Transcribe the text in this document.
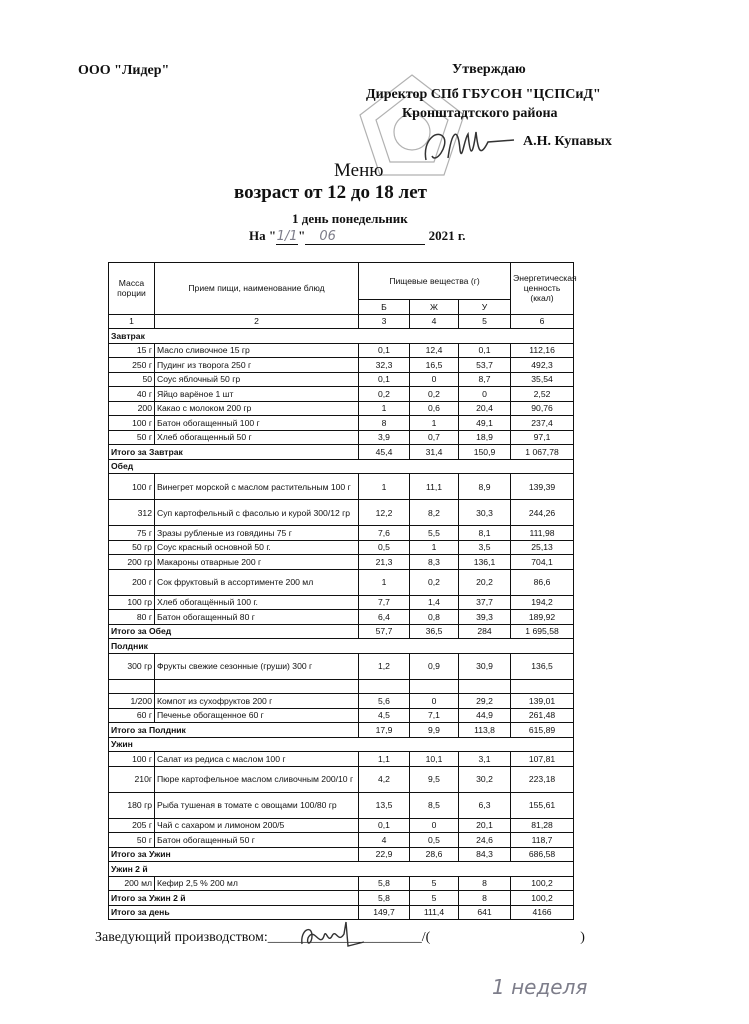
ООО "Лидер"	Утверждаю
Директор СПб ГБУСОН "ЦСПСиД"
Кронштадтского района
А.Н. Купавых
Меню
возраст от 12 до 18 лет
1 день понедельник
На "1/1" 06	2021 г.
Масса порции	Прием пищи, наименование блюд	Пищевые вещества (г)			Энергетическая ценность (ккал)
		Б	Ж	У	
1	2	3	4	5	6
Завтрак					
15 г	Масло сливочное 15 гр	0,1	12,4	0,1	112,16
250 г	Пудинг из творога 250 г	32,3	16,5	53,7	492,3
50	Соус яблочный 50 гр	0,1	0	8,7	35,54
40 г	Яйцо варёное 1 шт	0,2	0,2	0	2,52
200	Какао с молоком 200 гр	1	0,6	20,4	90,76
100 г	Батон обогащенный 100 г	8	1	49,1	237,4
50 г	Хлеб обогащенный 50 г	3,9	0,7	18,9	97,1
Итого за Завтрак		45,4	31,4	150,9	1 067,78
Обед					
100 г	Винегрет морской с маслом растительным 100 г	1	11,1	8,9	139,39
312	Суп картофельный с фасолью и курой 300/12 гр	12,2	8,2	30,3	244,26
75 г	Зразы рубленые из говядины 75 г	7,6	5,5	8,1	111,98
50 гр	Соус красный основной 50 г.	0,5	1	3,5	25,13
200 гр	Макароны отварные 200 г	21,3	8,3	136,1	704,1
200 г	Сок фруктовый в ассортименте 200 мл	1	0,2	20,2	86,6
100 гр	Хлеб обогащённый 100 г.	7,7	1,4	37,7	194,2
80 г	Батон обогащенный 80 г	6,4	0,8	39,3	189,92
Итого за Обед		57,7	36,5	284	1 695,58
Полдник					
300 гр	Фрукты свежие сезонные (груши) 300 г	1,2	0,9	30,9	136,5

1/200	Компот из сухофруктов 200 г	5,6	0	29,2	139,01
60 г	Печенье обогащенное 60 г	4,5	7,1	44,9	261,48
Итого за Полдник		17,9	9,9	113,8	615,89
Ужин					
100 г	Салат из редиса с маслом 100 г	1,1	10,1	3,1	107,81
210г	Пюре картофельное маслом сливочным 200/10 г	4,2	9,5	30,2	223,18
180 гр	Рыба тушеная в томате с овощами 100/80 гр	13,5	8,5	6,3	155,61
205 г	Чай с сахаром и лимоном 200/5	0,1	0	20,1	81,28
50 г	Батон обогащенный 50 г	4	0,5	24,6	118,7
Итого за Ужин		22,9	28,6	84,3	686,58
Ужин 2 й					
200 мл	Кефир 2,5 % 200 мл	5,8	5	8	100,2
Итого за Ужин 2 й		5,8	5	8	100,2
Итого за день		149,7	111,4	641	4166
Заведующий производством:______________________/(	)
1 неделя
